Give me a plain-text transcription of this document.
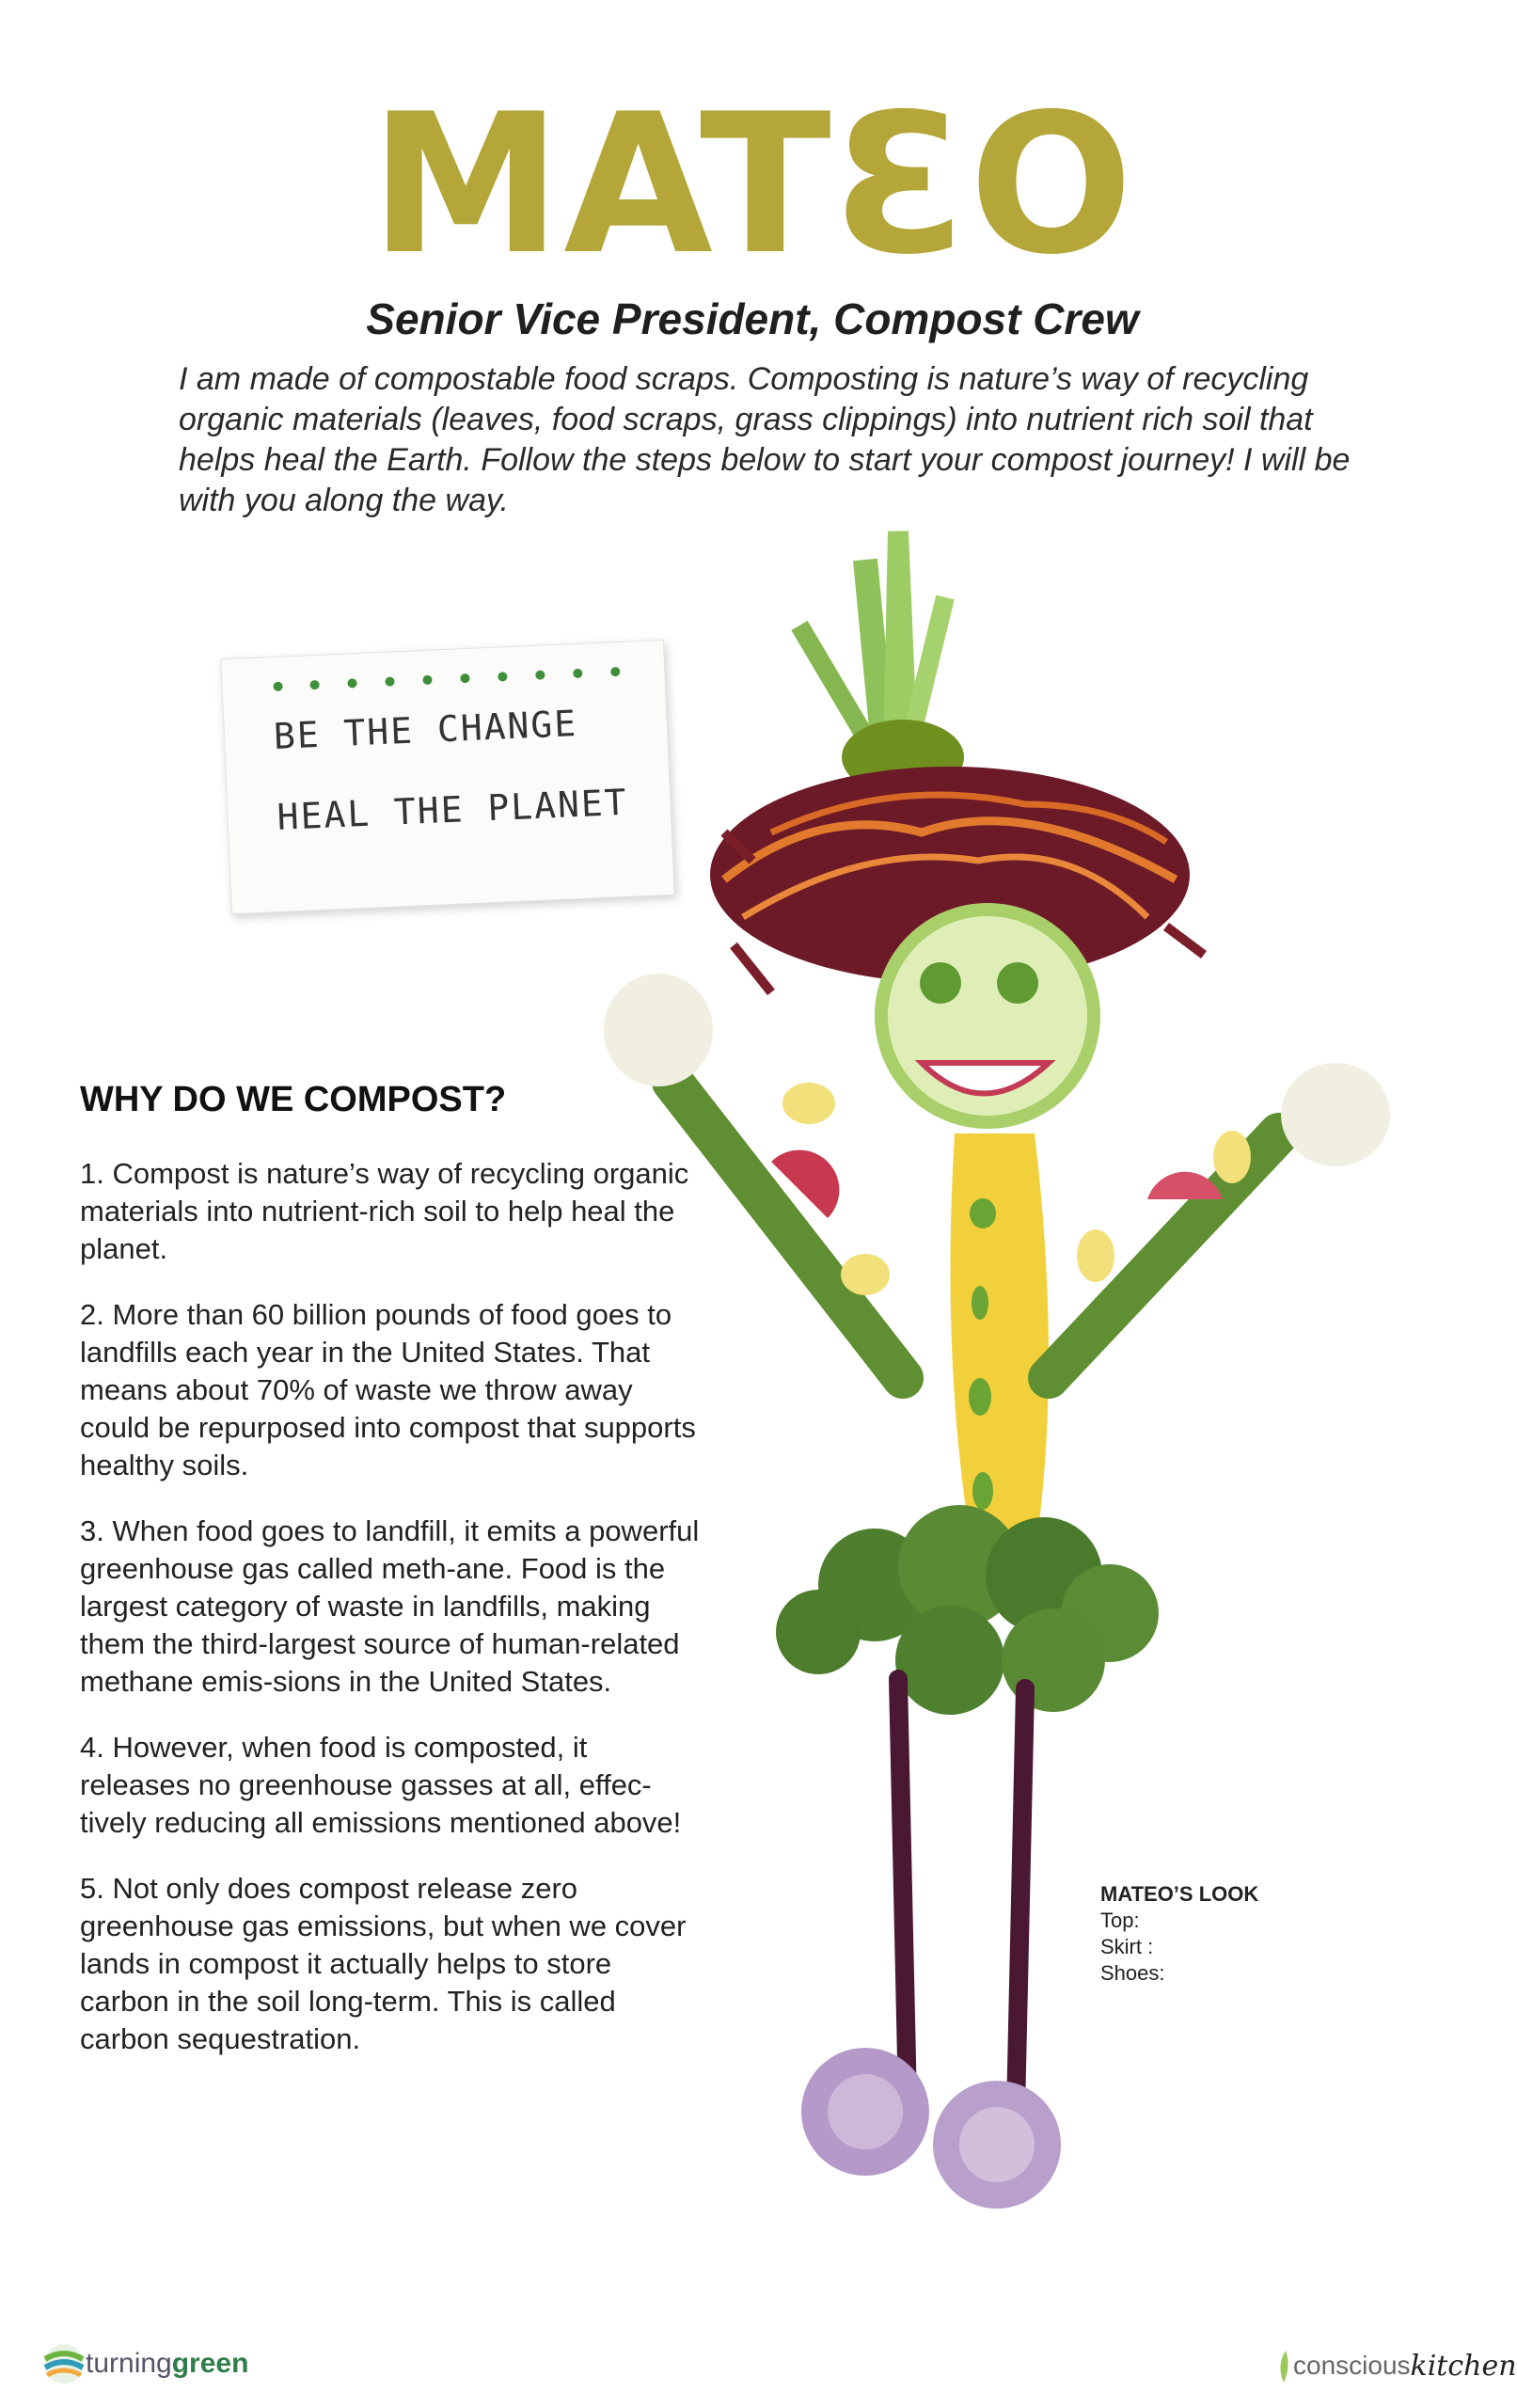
MATƐO
Senior Vice President, Compost Crew
I am made of compostable food scraps. Composting is nature’s way of recycling organic materials (leaves, food scraps, grass clippings) into nutrient rich soil that helps heal the Earth. Follow the steps below to start your compost journey! I will be with you along the way.
BE THE CHANGE
HEAL THE PLANET
WHY DO WE COMPOST?
1. Compost is nature’s way of recycling organic materials into nutrient-rich soil to help heal the planet.
2. More than 60 billion pounds of food goes to landfills each year in the United States. That means about 70% of waste we throw away could be repurposed into compost that supports healthy soils.
3. When food goes to landfill, it emits a powerful greenhouse gas called meth-ane. Food is the largest category of waste in landfills, making them the third-largest source of human-related methane emis-sions in the United States.
4. However, when food is composted, it releases no greenhouse gasses at all, effec-tively reducing all emissions mentioned above!
5. Not only does compost release zero greenhouse gas emissions, but when we cover lands in compost it actually helps to store carbon in the soil long-term. This is called carbon sequestration.
MATEO’S LOOK
Top:
Skirt :
Shoes:
turning green	conscious kitchen
